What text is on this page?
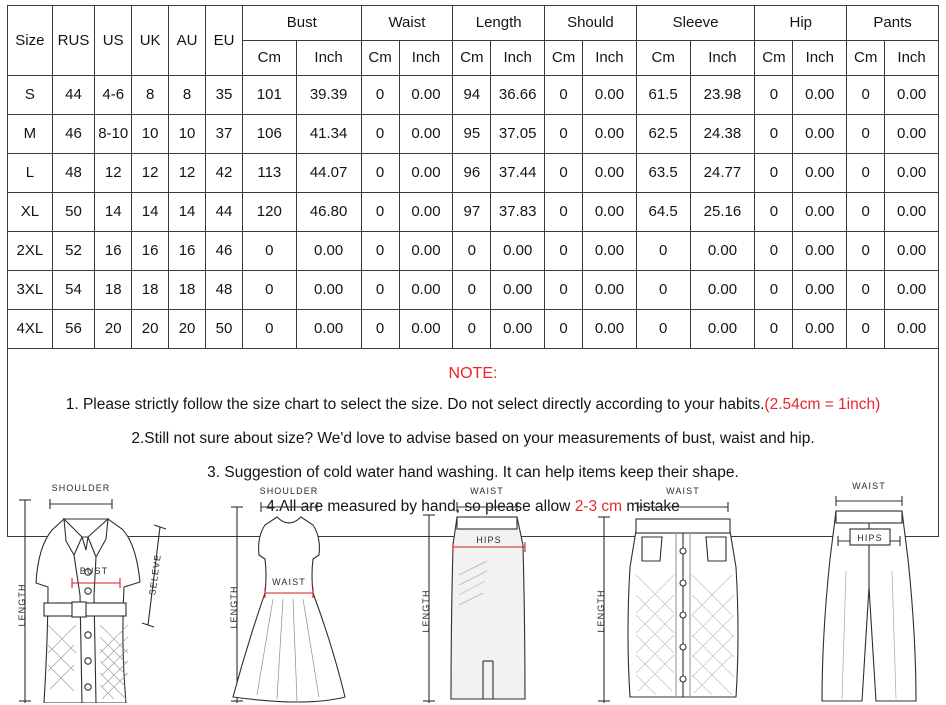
Size	RUS	US	UK	AU	EU	Bust		Waist		Length		Should		Sleeve		Hip		Pants	
						Cm	Inch	Cm	Inch	Cm	Inch	Cm	Inch	Cm	Inch	Cm	Inch	Cm	Inch
S	44	4-6	8	8	35	101	39.39	0	0.00	94	36.66	0	0.00	61.5	23.98	0	0.00	0	0.00
M	46	8-10	10	10	37	106	41.34	0	0.00	95	37.05	0	0.00	62.5	24.38	0	0.00	0	0.00
L	48	12	12	12	42	113	44.07	0	0.00	96	37.44	0	0.00	63.5	24.77	0	0.00	0	0.00
XL	50	14	14	14	44	120	46.80	0	0.00	97	37.83	0	0.00	64.5	25.16	0	0.00	0	0.00
2XL	52	16	16	16	46	0	0.00	0	0.00	0	0.00	0	0.00	0	0.00	0	0.00	0	0.00
3XL	54	18	18	18	48	0	0.00	0	0.00	0	0.00	0	0.00	0	0.00	0	0.00	0	0.00
4XL	56	20	20	20	50	0	0.00	0	0.00	0	0.00	0	0.00	0	0.00	0	0.00	0	0.00
NOTE:

1. Please strictly follow the size chart to select the size. Do not select directly according to your habits.(2.54cm = 1inch)

2.Still not sure about size? We'd love to advise based on your measurements of bust, waist and hip.

3. Suggestion of cold water hand washing. It can help items keep their shape.

4.All are measured by hand, so please allow 2-3 cm mistake

LENGTH
SHOULDER
BUST	SELEVE
LENGTH
SHOULDER
WAIST
LENGTH
WAIST
HIPS
LENGTH
WAIST	WAIST
HIPS
